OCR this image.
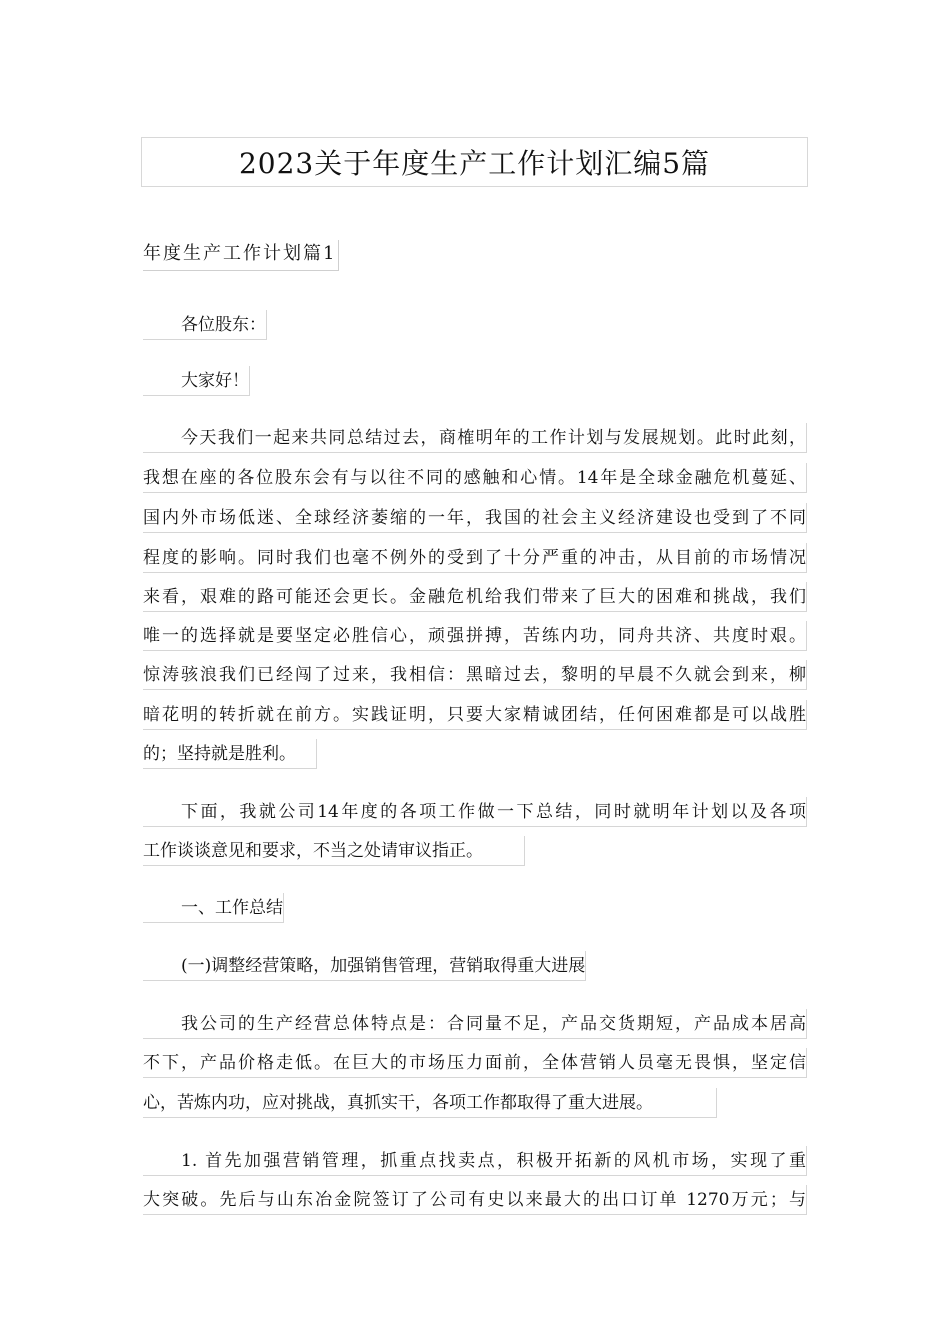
2023关于年度生产工作计划汇编5篇
年度生产工作计划篇1
各位股东：
大家好！
今天我们一起来共同总结过去，商榷明年的工作计划与发展规划。此时此刻，
我想在座的各位股东会有与以往不同的感触和心情。14年是全球金融危机蔓延、
国内外市场低迷、全球经济萎缩的一年，我国的社会主义经济建设也受到了不同
程度的影响。同时我们也毫不例外的受到了十分严重的冲击，从目前的市场情况
来看，艰难的路可能还会更长。金融危机给我们带来了巨大的困难和挑战，我们
唯一的选择就是要坚定必胜信心，顽强拼搏，苦练内功，同舟共济、共度时艰。
惊涛骇浪我们已经闯了过来，我相信：黑暗过去，黎明的早晨不久就会到来，柳
暗花明的转折就在前方。实践证明，只要大家精诚团结，任何困难都是可以战胜
的；坚持就是胜利。
下面，我就公司14年度的各项工作做一下总结，同时就明年计划以及各项
工作谈谈意见和要求，不当之处请审议指正。
一、工作总结
(一)调整经营策略，加强销售管理，营销取得重大进展
我公司的生产经营总体特点是：合同量不足，产品交货期短，产品成本居高
不下，产品价格走低。在巨大的市场压力面前，全体营销人员毫无畏惧，坚定信
心，苦炼内功，应对挑战，真抓实干，各项工作都取得了重大进展。
1. 首先加强营销管理，抓重点找卖点，积极开拓新的风机市场，实现了重
大突破。先后与山东冶金院签订了公司有史以来最大的出口订单 1270万元；与
